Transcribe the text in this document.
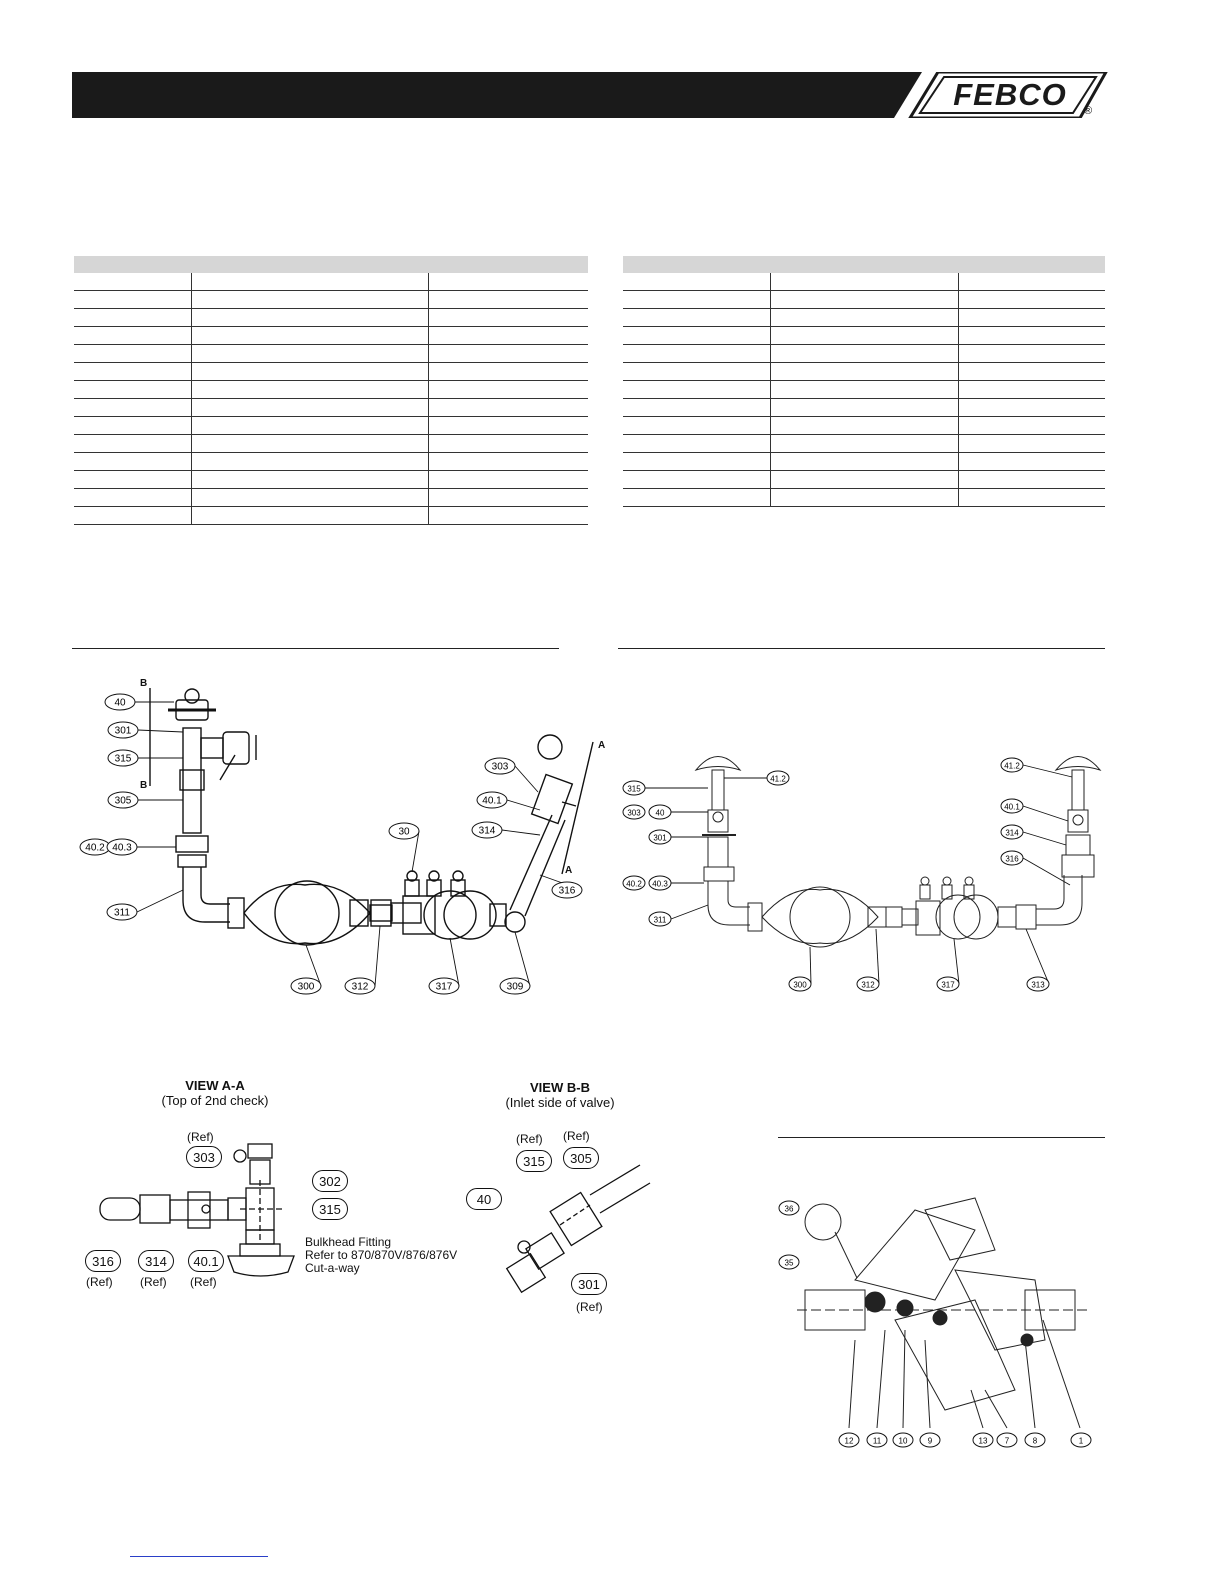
FEBCO	®

B
B
A
A
40
301
315
305
40.2 40.3
311
300	312
30
317	309
303
40.1
314
316
315
303 40
301
40.2 40.3
311
300	312	317	313
41.2
41.2
40.1
314
316
VIEW A-A
(Top of 2nd check)
(Ref)
303
302
315
316	314	40.1
(Ref) (Ref) (Ref)
Bulkhead Fitting
Refer to 870/870V/876/876V
Cut-a-way
VIEW B-B
(Inlet side of valve)
(Ref) (Ref)
315	305
40
301
(Ref)
36
35
12 11 10	9	13 7	8	1
